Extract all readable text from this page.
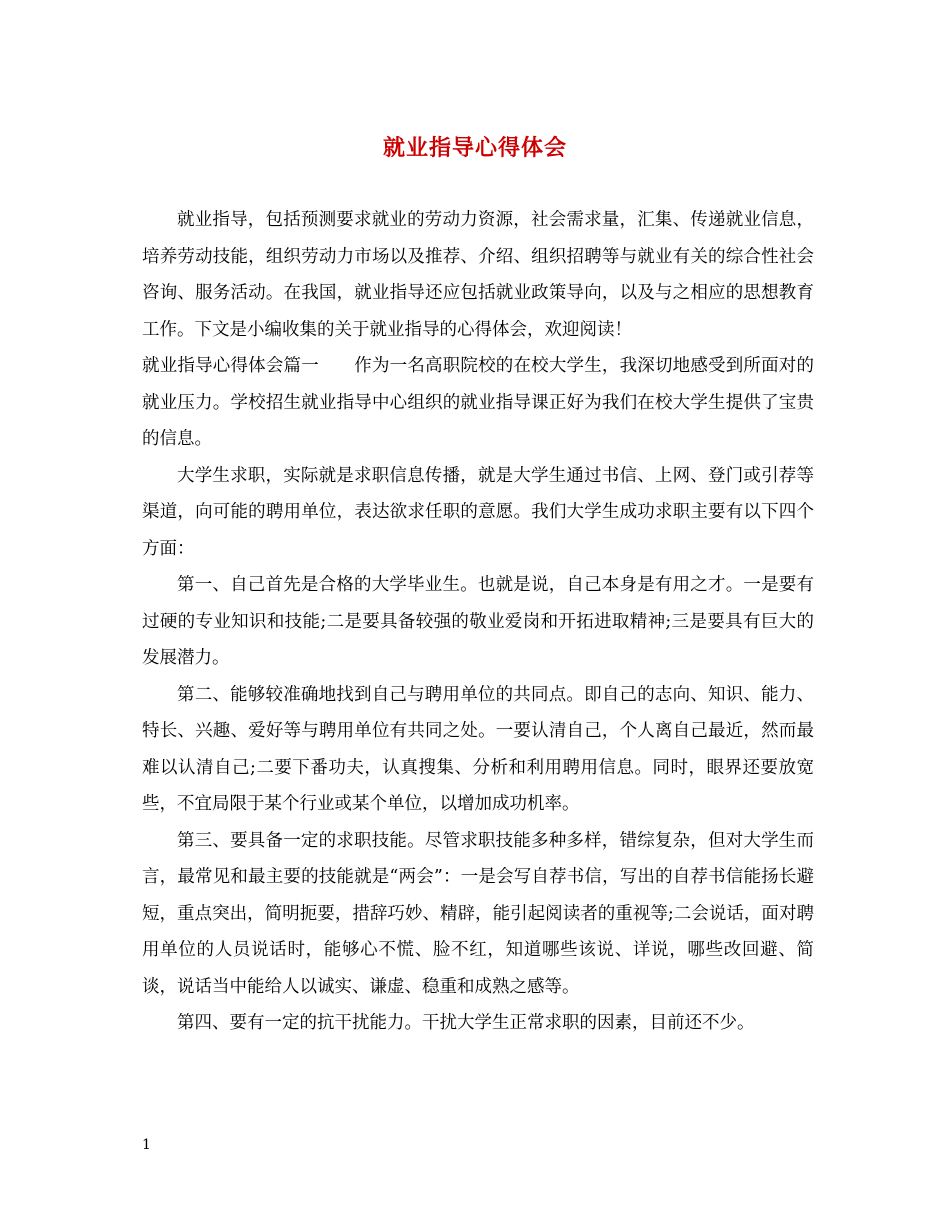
就业指导心得体会

就业指导，包括预测要求就业的劳动力资源，社会需求量，汇集、传递就业信息，培养劳动技能，组织劳动力市场以及推荐、介绍、组织招聘等与就业有关的综合性社会咨询、服务活动。在我国，就业指导还应包括就业政策导向，以及与之相应的思想教育工作。下文是小编收集的关于就业指导的心得体会，欢迎阅读！

就业指导心得体会篇一　　作为一名高职院校的在校大学生，我深切地感受到所面对的就业压力。学校招生就业指导中心组织的就业指导课正好为我们在校大学生提供了宝贵的信息。

大学生求职，实际就是求职信息传播，就是大学生通过书信、上网、登门或引荐等渠道，向可能的聘用单位，表达欲求任职的意愿。我们大学生成功求职主要有以下四个方面：

第一、自己首先是合格的大学毕业生。也就是说，自己本身是有用之才。一是要有过硬的专业知识和技能;二是要具备较强的敬业爱岗和开拓进取精神;三是要具有巨大的发展潜力。

第二、能够较准确地找到自己与聘用单位的共同点。即自己的志向、知识、能力、特长、兴趣、爱好等与聘用单位有共同之处。一要认清自己，个人离自己最近，然而最难以认清自己;二要下番功夫，认真搜集、分析和利用聘用信息。同时，眼界还要放宽些，不宜局限于某个行业或某个单位，以增加成功机率。

第三、要具备一定的求职技能。尽管求职技能多种多样，错综复杂，但对大学生而言，最常见和最主要的技能就是“两会”：一是会写自荐书信，写出的自荐书信能扬长避短，重点突出，简明扼要，措辞巧妙、精辟，能引起阅读者的重视等;二会说话，面对聘用单位的人员说话时，能够心不慌、脸不红，知道哪些该说、详说，哪些改回避、简谈，说话当中能给人以诚实、谦虚、稳重和成熟之感等。

第四、要有一定的抗干扰能力。干扰大学生正常求职的因素，目前还不少。

1
